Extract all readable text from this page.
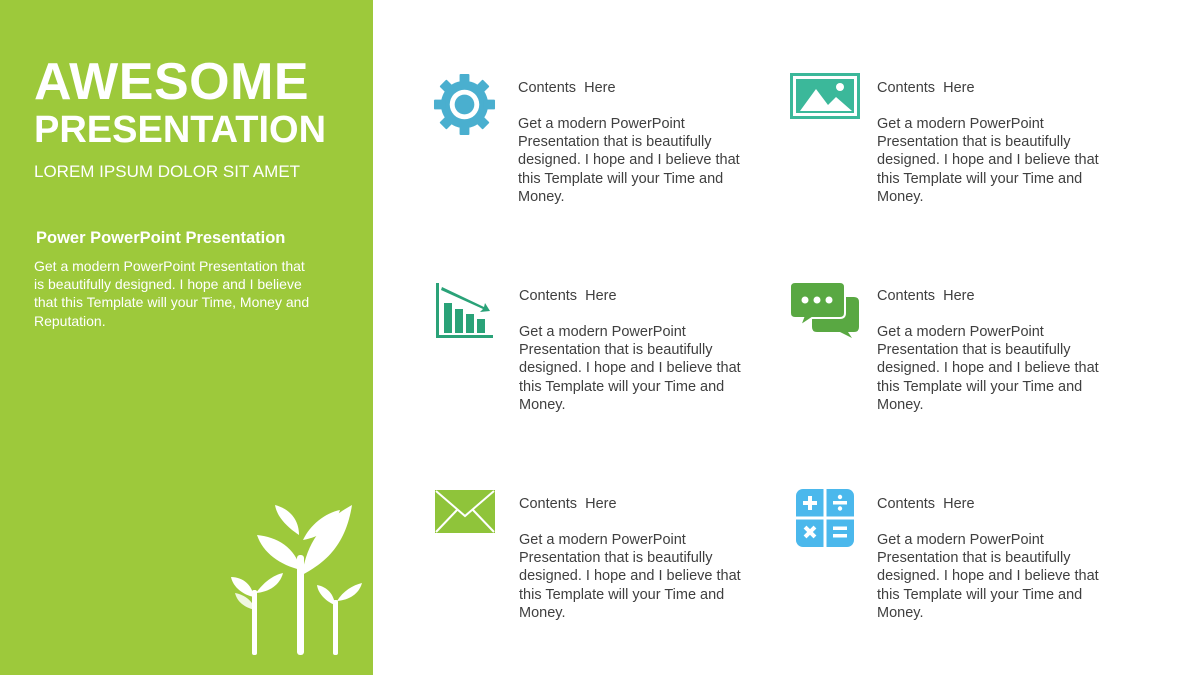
AWESOME
PRESENTATION
LOREM IPSUM DOLOR SIT AMET
Power PowerPoint Presentation
Get a modern PowerPoint Presentation that is beautifully designed. I hope and I believe that this Template will your Time, Money and Reputation.
Contents  Here
Get a modern PowerPoint Presentation that is beautifully designed. I hope and I believe that this Template will your Time and Money.
Contents  Here
Get a modern PowerPoint Presentation that is beautifully designed. I hope and I believe that this Template will your Time and Money.
Contents  Here
Get a modern PowerPoint Presentation that is beautifully designed. I hope and I believe that this Template will your Time and Money.
Contents  Here
Get a modern PowerPoint Presentation that is beautifully designed. I hope and I believe that this Template will your Time and Money.
Contents  Here
Get a modern PowerPoint Presentation that is beautifully designed. I hope and I believe that this Template will your Time and Money.
Contents  Here
Get a modern PowerPoint Presentation that is beautifully designed. I hope and I believe that this Template will your Time and Money.
